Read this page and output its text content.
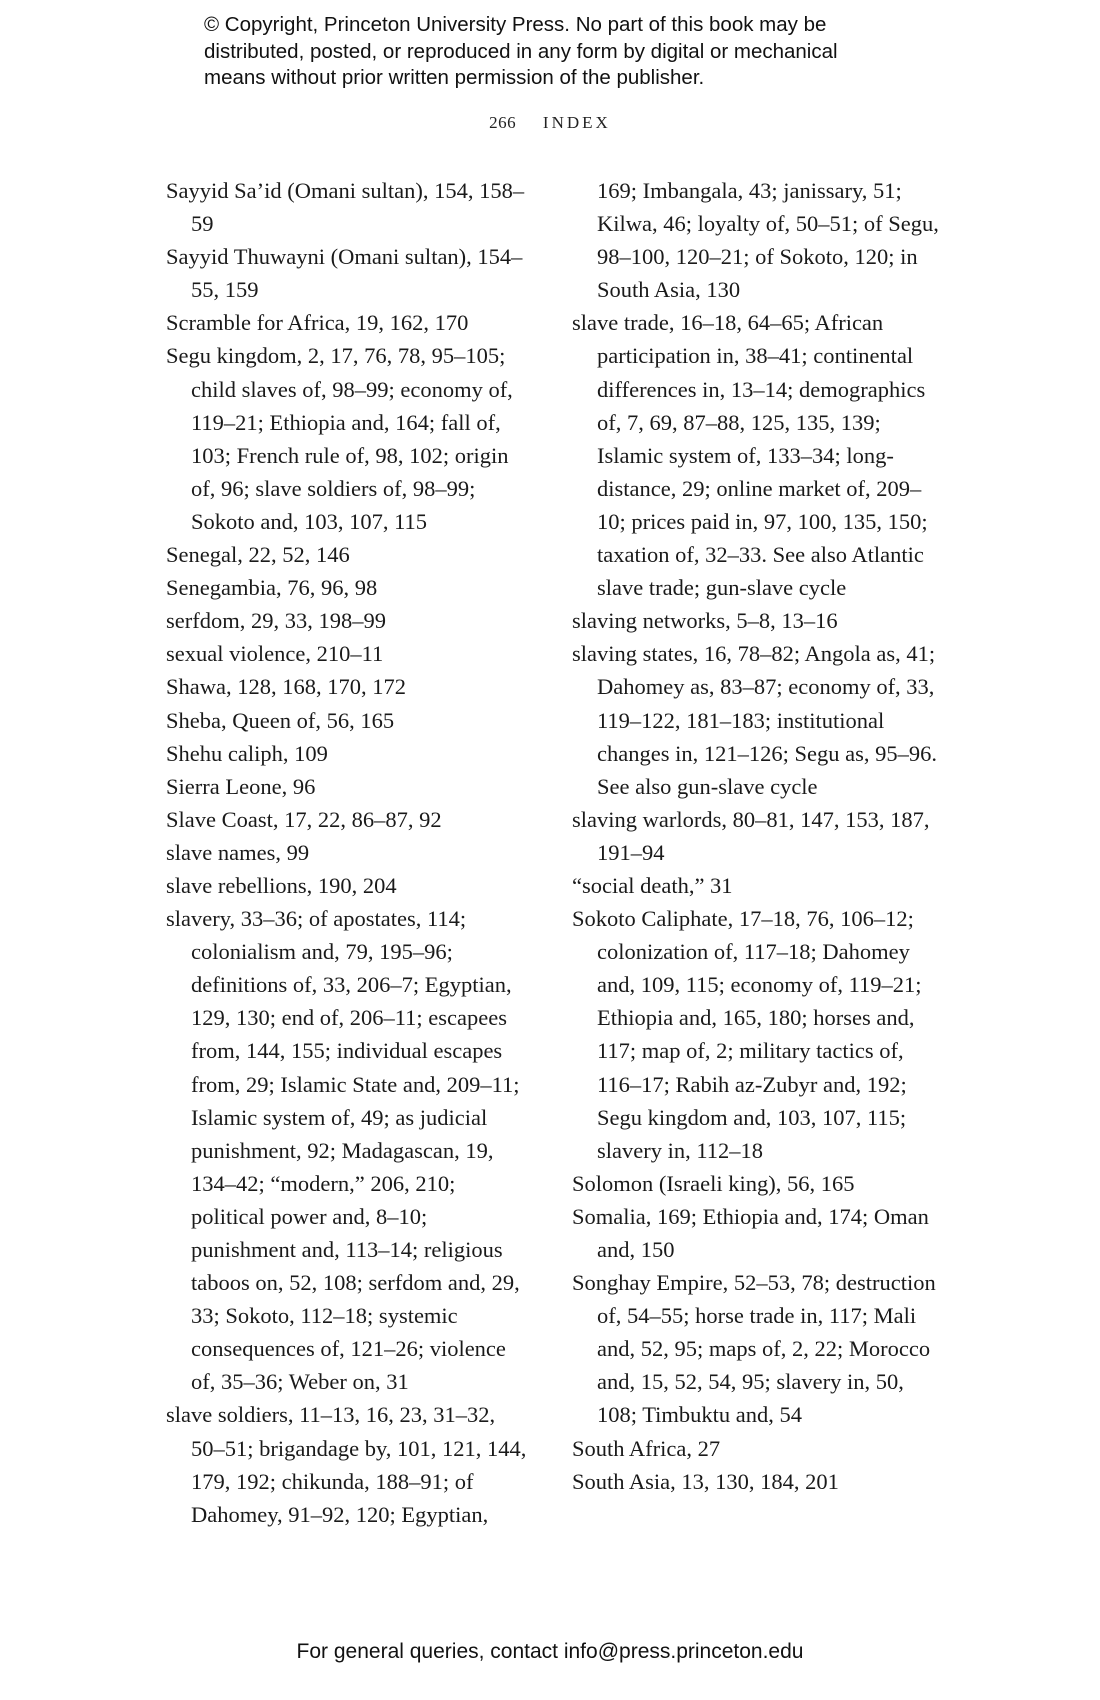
© Copyright, Princeton University Press. No part of this book may be

distributed, posted, or reproduced in any form by digital or mechanical

means without prior written permission of the publisher.

266 INDEX
Sayyid Sa’id (Omani sultan), 154, 158–59
Sayyid Thuwayni (Omani sultan), 154–55, 159
Scramble for Africa, 19, 162, 170
Segu kingdom, 2, 17, 76, 78, 95–105; child slaves of, 98–99; economy of, 119–21; Ethiopia and, 164; fall of, 103; French rule of, 98, 102; origin of, 96; slave soldiers of, 98–99; Sokoto and, 103, 107, 115
Senegal, 22, 52, 146
Senegambia, 76, 96, 98
serfdom, 29, 33, 198–99
sexual violence, 210–11
Shawa, 128, 168, 170, 172
Sheba, Queen of, 56, 165
Shehu caliph, 109
Sierra Leone, 96
Slave Coast, 17, 22, 86–87, 92
slave names, 99
slave rebellions, 190, 204
slavery, 33–36; of apostates, 114; colonialism and, 79, 195–96; definitions of, 33, 206–7; Egyptian, 129, 130; end of, 206–11; escapees from, 144, 155; individual escapes from, 29; Islamic State and, 209–11; Islamic system of, 49; as judicial punishment, 92; Madagascan, 19, 134–42; “modern,” 206, 210; political power and, 8–10; punishment and, 113–14; religious taboos on, 52, 108; serfdom and, 29, 33; Sokoto, 112–18; systemic consequences of, 121–26; violence of, 35–36; Weber on, 31
slave soldiers, 11–13, 16, 23, 31–32, 50–51; brigandage by, 101, 121, 144, 179, 192; chikunda, 188–91; of Dahomey, 91–92, 120; Egyptian,
169; Imbangala, 43; janissary, 51; Kilwa, 46; loyalty of, 50–51; of Segu, 98–100, 120–21; of Sokoto, 120; in South Asia, 130
slave trade, 16–18, 64–65; African participation in, 38–41; continental differences in, 13–14; demographics of, 7, 69, 87–88, 125, 135, 139; Islamic system of, 133–34; long-distance, 29; online market of, 209–10; prices paid in, 97, 100, 135, 150; taxation of, 32–33. See also Atlantic slave trade; gun-slave cycle
slaving networks, 5–8, 13–16
slaving states, 16, 78–82; Angola as, 41; Dahomey as, 83–87; economy of, 33, 119–122, 181–183; institutional changes in, 121–126; Segu as, 95–96. See also gun-slave cycle
slaving warlords, 80–81, 147, 153, 187, 191–94
“social death,” 31
Sokoto Caliphate, 17–18, 76, 106–12; colonization of, 117–18; Dahomey and, 109, 115; economy of, 119–21; Ethiopia and, 165, 180; horses and, 117; map of, 2; military tactics of, 116–17; Rabih az-Zubyr and, 192; Segu kingdom and, 103, 107, 115; slavery in, 112–18
Solomon (Israeli king), 56, 165
Somalia, 169; Ethiopia and, 174; Oman and, 150
Songhay Empire, 52–53, 78; destruction of, 54–55; horse trade in, 117; Mali and, 52, 95; maps of, 2, 22; Morocco and, 15, 52, 54, 95; slavery in, 50, 108; Timbuktu and, 54
South Africa, 27
South Asia, 13, 130, 184, 201
For general queries, contact info@press.princeton.edu
